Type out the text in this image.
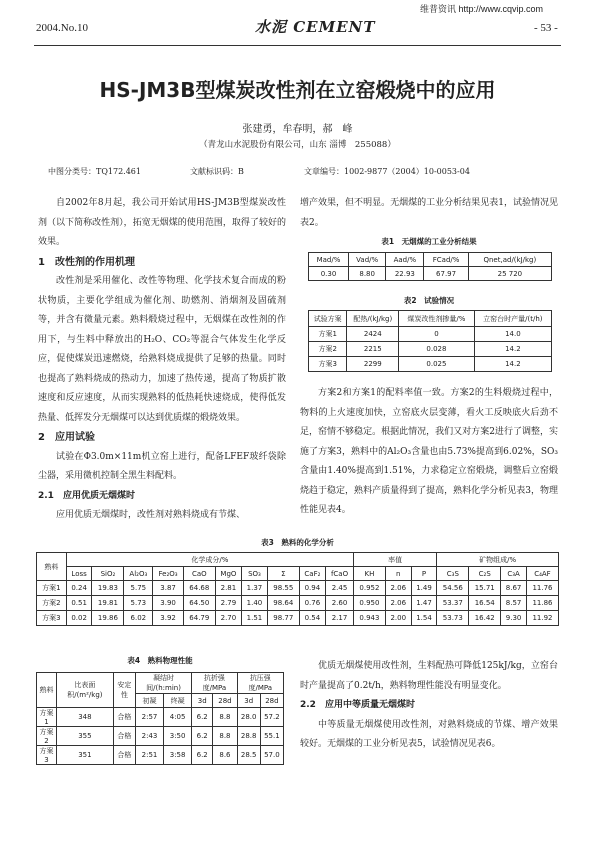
维普资讯 http://www.cqvip.com
2004.No.10	水泥 CEMENT	- 53 -
HS-JM3B型煤炭改性剂在立窑煅烧中的应用
张建勇，牟春明，郝　峰
（青龙山水泥股份有限公司，山东 淄博　255088）
中图分类号：TQ172.461	文献标识码：B	文章编号：1002-9877（2004）10-0053-04

自2002年8月起，我公司开始试用HS-JM3B型煤炭改性剂（以下简称改性剂），拓宽无烟煤的使用范围，取得了较好的效果。

1　改性剂的作用机理

改性剂是采用催化、改性等物理、化学技术复合而成的粉状物质，主要化学组成为催化剂、助燃剂、消烟剂及固硫剂等，并含有微量元素。熟料煅烧过程中，无烟煤在改性剂的作用下，与生料中释放出的H₂O、CO₂等混合气体发生化学反应，促使煤炭迅速燃烧，给熟料烧成提供了足够的热量。同时也提高了熟料烧成的热动力，加速了热传递，提高了物质扩散速度和反应速度，从而实现熟料的低热耗快速烧成，使得低发热量、低挥发分无烟煤可以达到优质煤的煅烧效果。

2　应用试验

试验在Φ3.0m×11m机立窑上进行，配备LFEF玻纤袋除尘器，采用微机控制全黑生料配料。

2.1　应用优质无烟煤时

应用优质无烟煤时，改性剂对熟料烧成有节煤、

增产效果，但不明显。无烟煤的工业分析结果见表1，试验情况见表2。

表1　无烟煤的工业分析结果
Mad/%	Vad/%	Aad/%	FCad/%	Qnet,ad/(kJ/kg)
0.30	8.80	22.93	67.97	25 720
表2　试验情况
试验方案	配热/(kJ/kg)	煤炭改性剂掺量/%	立窑台时产量/(t/h)
方案1	2424	0	14.0
方案2	2215	0.028	14.2
方案3	2299	0.025	14.2

方案2和方案1的配料率值一致。方案2的生料煅烧过程中，物料的上火速度加快，立窑底火层变薄，看火工反映底火后劲不足，窑情不够稳定。根据此情况，我们又对方案2进行了调整，实施了方案3，熟料中的Al₂O₃含量也由5.73%提高到6.02%，SO₃含量由1.40%提高到1.51%，力求稳定立窑煅烧，调整后立窑煅烧趋于稳定，熟料产质量得到了提高，熟料化学分析见表3，物理性能见表4。

表3　熟料的化学分析
熟料	化学成分/%										率值			矿物组成/%			
	Loss	SiO₂	Al₂O₃	Fe₂O₃	CaO	MgO	SO₃	Σ	CaF₂	fCaO	KH	n	P	C₃S	C₂S	C₃A	C₄AF
方案1	0.24	19.83	5.75	3.87	64.68	2.81	1.37	98.55	0.94	2.45	0.952	2.06	1.49	54.56	15.71	8.67	11.76
方案2	0.51	19.81	5.73	3.90	64.50	2.79	1.40	98.64	0.76	2.60	0.950	2.06	1.47	53.37	16.54	8.57	11.86
方案3	0.02	19.86	6.02	3.92	64.79	2.70	1.51	98.77	0.54	2.17	0.943	2.00	1.54	53.73	16.42	9.30	11.92
表4　熟料物理性能
熟料	比表面积/(m²/kg)	安定性	凝结时间/(h:min)		抗折强度/MPa		抗压强度/MPa	
			初凝	终凝	3d	28d	3d	28d
方案1	348	合格	2:57	4:05	6.2	8.8	28.0	57.2
方案2	355	合格	2:43	3:50	6.2	8.8	28.8	55.1
方案3	351	合格	2:51	3:58	6.2	8.6	28.5	57.0

优质无烟煤使用改性剂，生料配热可降低125kJ/kg，立窑台时产量提高了0.2t/h，熟料物理性能没有明显变化。

2.2　应用中等质量无烟煤时

中等质量无烟煤使用改性剂，对熟料烧成的节煤、增产效果较好。无烟煤的工业分析见表5，试验情况见表6。
